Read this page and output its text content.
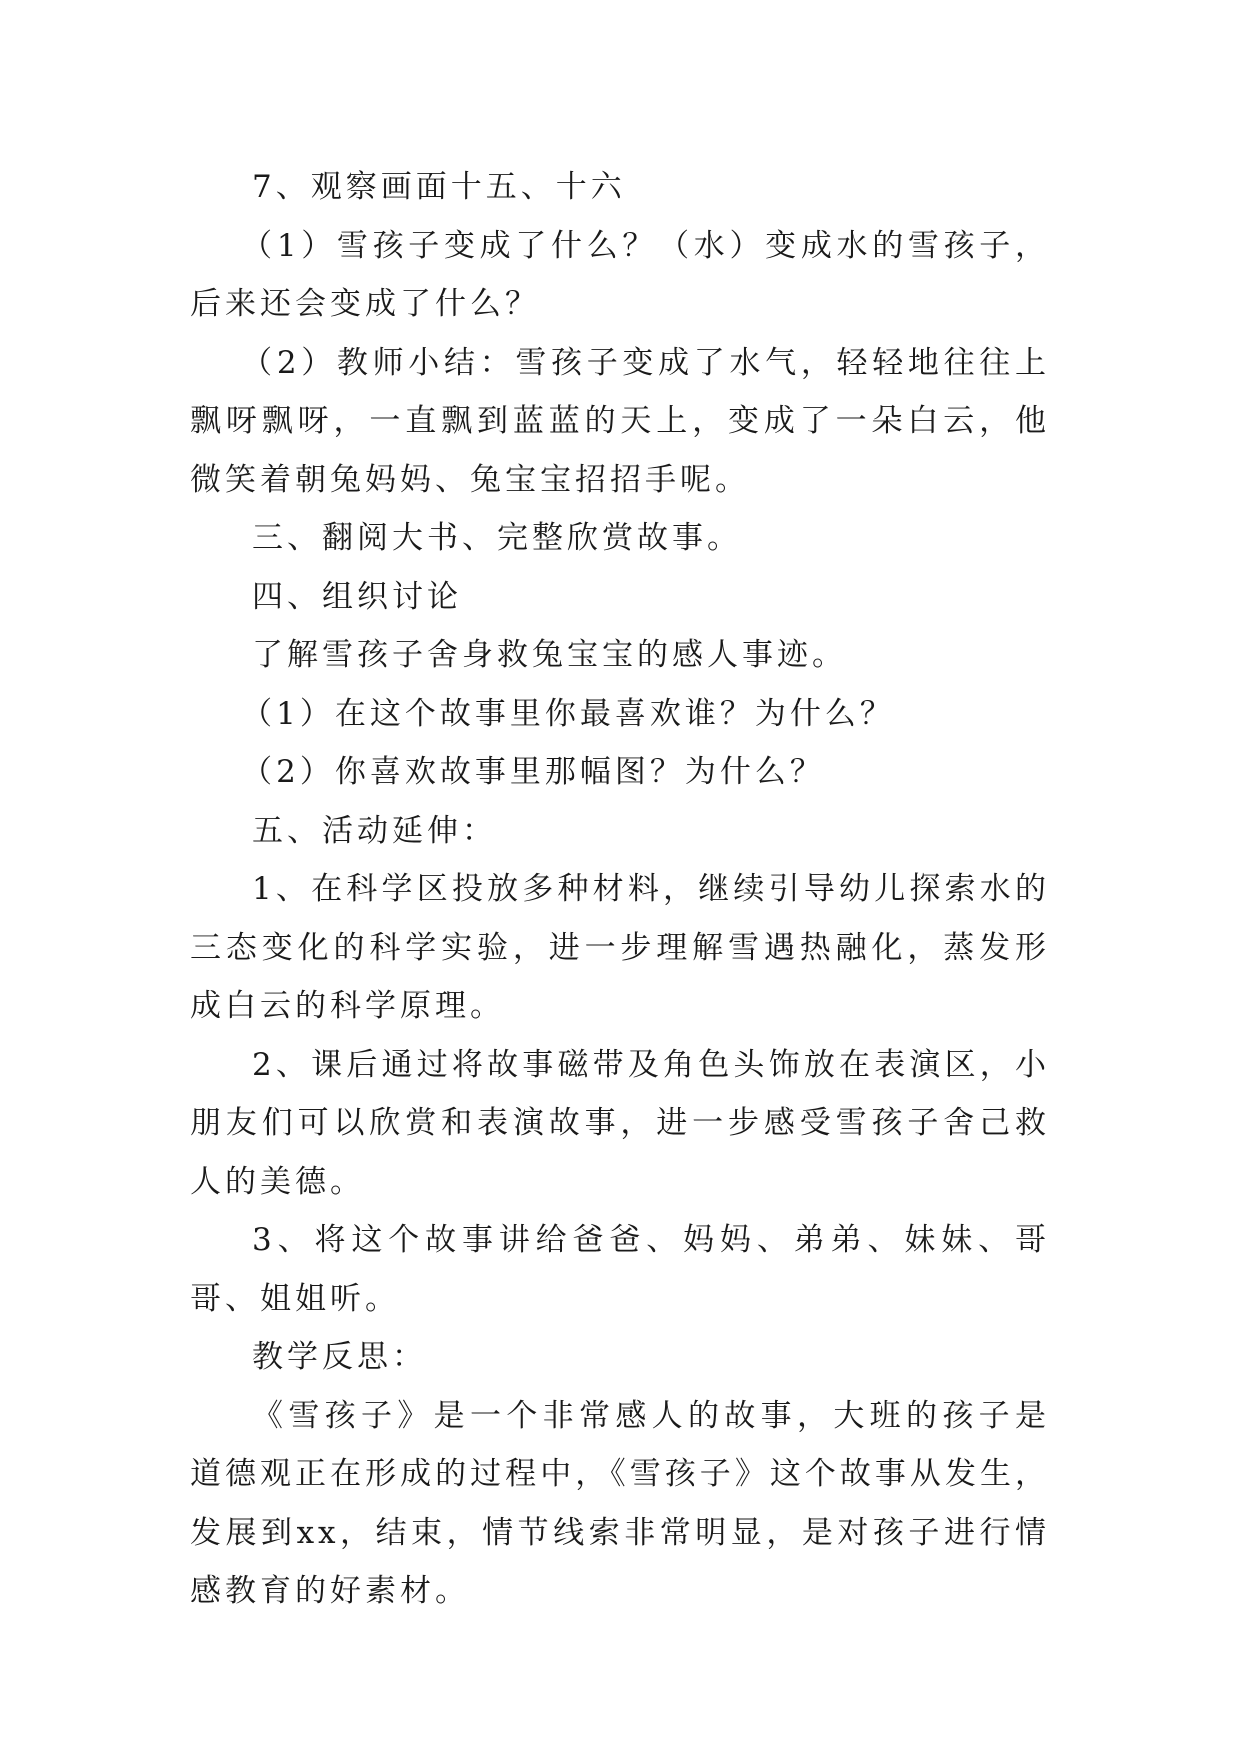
7、观察画面十五、十六

（1）雪孩子变成了什么？（水）变成水的雪孩子，后来还会变成了什么？

（2）教师小结：雪孩子变成了水气，轻轻地往往上飘呀飘呀，一直飘到蓝蓝的天上，变成了一朵白云，他微笑着朝兔妈妈、兔宝宝招招手呢。

三、翻阅大书、完整欣赏故事。

四、组织讨论

了解雪孩子舍身救兔宝宝的感人事迹。

（1）在这个故事里你最喜欢谁？为什么？

（2）你喜欢故事里那幅图？为什么？

五、活动延伸：

1、在科学区投放多种材料，继续引导幼儿探索水的三态变化的科学实验，进一步理解雪遇热融化，蒸发形成白云的科学原理。

2、课后通过将故事磁带及角色头饰放在表演区，小朋友们可以欣赏和表演故事，进一步感受雪孩子舍己救人的美德。

3、将这个故事讲给爸爸、妈妈、弟弟、妹妹、哥哥、姐姐听。

教学反思：

《雪孩子》是一个非常感人的故事，大班的孩子是道德观正在形成的过程中，《雪孩子》这个故事从发生，发展到xx，结束，情节线索非常明显，是对孩子进行情感教育的好素材。
